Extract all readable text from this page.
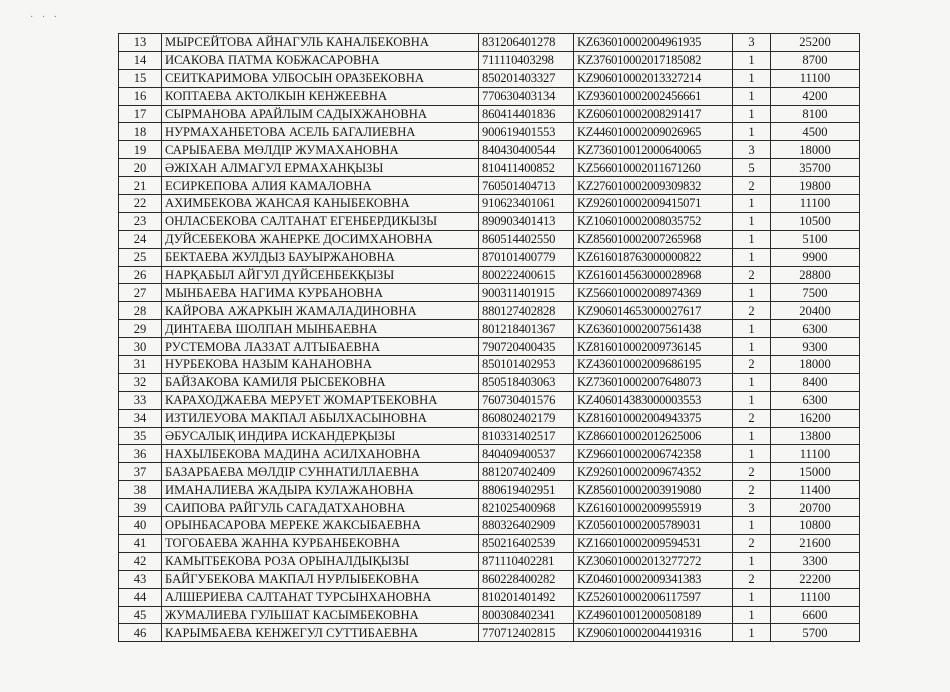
· · ·
13	МЫРСЕЙТОВА АЙНАГУЛЬ КАНАЛБЕКОВНА	831206401278	KZ636010002004961935	3	25200
14	ИСАКОВА ПАТМА КОБЖАСАРОВНА	711110403298	KZ376010002017185082	1	8700
15	СЕИТКАРИМОВА УЛБОСЫН ОРАЗБЕКОВНА	850201403327	KZ906010002013327214	1	11100
16	КОПТАЕВА АКТОЛКЫН КЕНЖЕЕВНА	770630403134	KZ936010002002456661	1	4200
17	СЫРМАНОВА АРАЙЛЫМ САДЫХЖАНОВНА	860414401836	KZ606010002008291417	1	8100
18	НУРМАХАНБЕТОВА АСЕЛЬ БАГАЛИЕВНА	900619401553	KZ446010002009026965	1	4500
19	САРЫБАЕВА МӨЛДІР ЖУМАХАНОВНА	840430400544	KZ736010012000640065	3	18000
20	ӘЖІХАН АЛМАГУЛ ЕРМАХАНҚЫЗЫ	810411400852	KZ566010002011671260	5	35700
21	ЕСИРКЕПОВА АЛИЯ КАМАЛОВНА	760501404713	KZ276010002009309832	2	19800
22	АХИМБЕКОВА ЖАНСАЯ КАНЫБЕКОВНА	910623401061	KZ926010002009415071	1	11100
23	ОНЛАСБЕКОВА САЛТАНАТ ЕГЕНБЕРДИКЫЗЫ	890903401413	KZ106010002008035752	1	10500
24	ДУЙСЕБЕКОВА ЖАНЕРКЕ ДОСИМХАНОВНА	860514402550	KZ856010002007265968	1	5100
25	БЕКТАЕВА ЖУЛДЫЗ БАУЫРЖАНОВНА	870101400779	KZ616018763000000822	1	9900
26	НАРҚАБЫЛ АЙГУЛ ДҮЙСЕНБЕКҚЫЗЫ	800222400615	KZ616014563000028968	2	28800
27	МЫНБАЕВА НАГИМА КУРБАНОВНА	900311401915	KZ566010002008974369	1	7500
28	КАЙРОВА АЖАРКЫН ЖАМАЛАДИНОВНА	880127402828	KZ906014653000027617	2	20400
29	ДИНТАЕВА ШОЛПАН МЫНБАЕВНА	801218401367	KZ636010002007561438	1	6300
30	РУСТЕМОВА ЛАЗЗАТ АЛТЫБАЕВНА	790720400435	KZ816010002009736145	1	9300
31	НУРБЕКОВА НАЗЫМ КАНАНОВНА	850101402953	KZ436010002009686195	2	18000
32	БАЙЗАКОВА КАМИЛЯ РЫСБЕКОВНА	850518403063	KZ736010002007648073	1	8400
33	КАРАХОДЖАЕВА МЕРУЕТ ЖОМАРТБЕКОВНА	760730401576	KZ406014383000003553	1	6300
34	ИЗТИЛЕУОВА МАКПАЛ АБЫЛХАСЫНОВНА	860802402179	KZ816010002004943375	2	16200
35	ӘБУСАЛЫҚ ИНДИРА ИСКАНДЕРҚЫЗЫ	810331402517	KZ866010002012625006	1	13800
36	НАХЫЛБЕКОВА МАДИНА АСИЛХАНОВНА	840409400537	KZ966010002006742358	1	11100
37	БАЗАРБАЕВА МӨЛДІР СУННАТИЛЛАЕВНА	881207402409	KZ926010002009674352	2	15000
38	ИМАНАЛИЕВА ЖАДЫРА КУЛАЖАНОВНА	880619402951	KZ856010002003919080	2	11400
39	САИПОВА РАЙГУЛЬ САГАДАТХАНОВНА	821025400968	KZ616010002009955919	3	20700
40	ОРЫНБАСАРОВА МЕРЕКЕ ЖАКСЫБАЕВНА	880326402909	KZ056010002005789031	1	10800
41	ТОГОБАЕВА ЖАННА КУРБАНБЕКОВНА	850216402539	KZ166010002009594531	2	21600
42	КАМЫТБЕКОВА РОЗА ОРЫНАЛДЫҚЫЗЫ	871110402281	KZ306010002013277272	1	3300
43	БАЙГУБЕКОВА МАКПАЛ НУРЛЫБЕКОВНА	860228400282	KZ046010002009341383	2	22200
44	АЛШЕРИЕВА САЛТАНАТ ТУРСЫНХАНОВНА	810201401492	KZ526010002006117597	1	11100
45	ЖУМАЛИЕВА ГУЛЬШАТ КАСЫМБЕКОВНА	800308402341	KZ496010012000508189	1	6600
46	КАРЫМБАЕВА КЕНЖЕГУЛ СУТТИБАЕВНА	770712402815	KZ906010002004419316	1	5700
